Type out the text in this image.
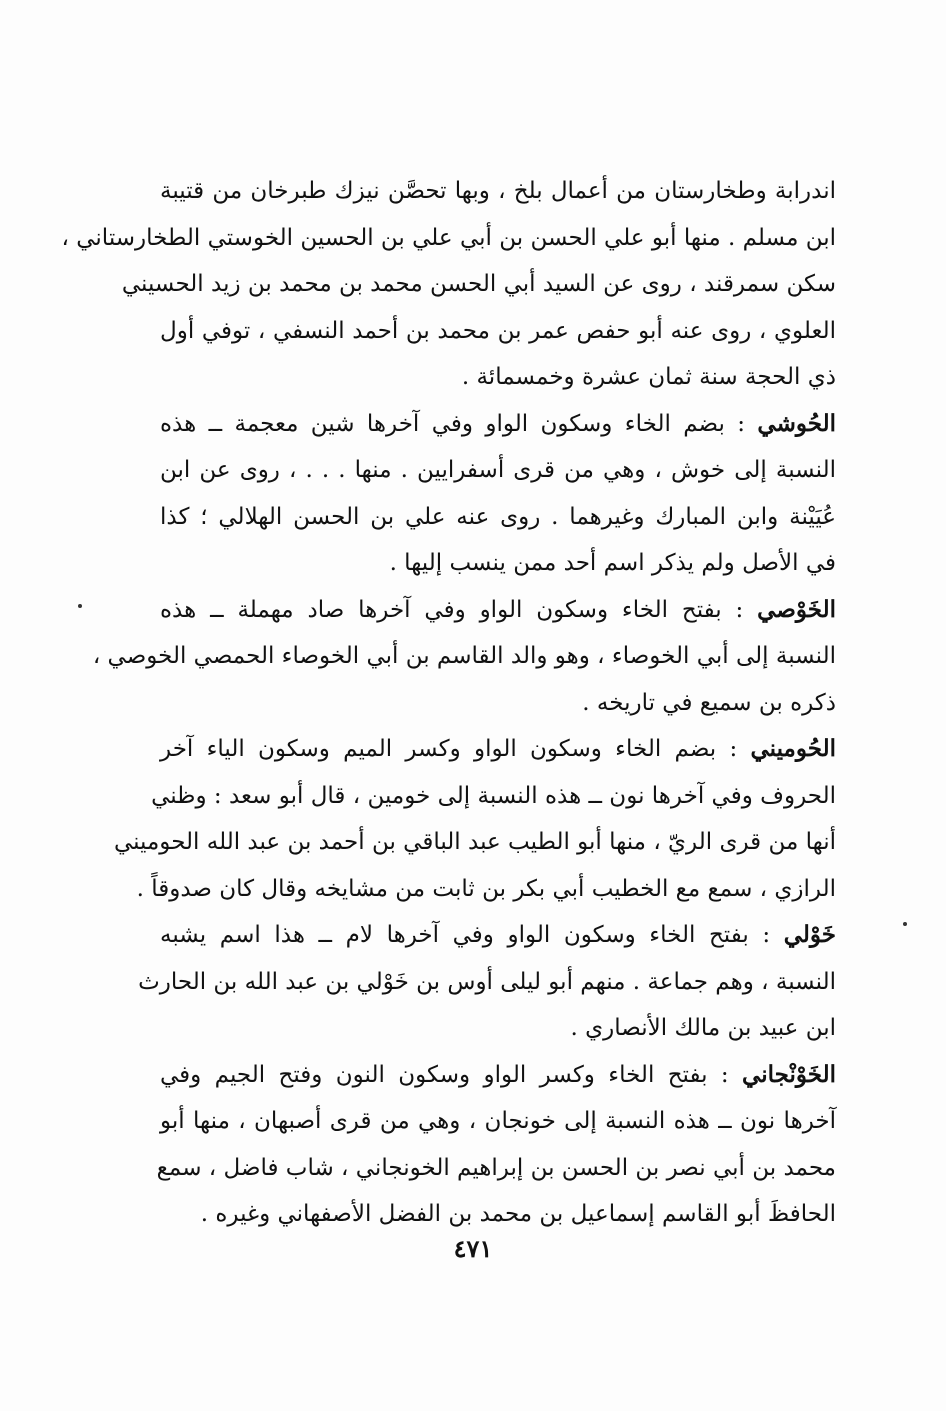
اندرابة وطخارستان من أعمال بلخ ، وبها تحصَّن نيزك طبرخان من قتيبة
ابن مسلم . منها أبو علي الحسن بن أبي علي بن الحسين الخوستي الطخارستاني ،
سكن سمرقند ، روى عن السيد أبي الحسن محمد بن محمد بن زيد الحسيني
العلوي ، روى عنه أبو حفص عمر بن محمد بن أحمد النسفي ، توفي أول
ذي الحجة سنة ثمان عشرة وخمسمائة .
الحُوشي : بضم الخاء وسكون الواو وفي آخرها شين معجمة ــ هذه
النسبة إلى خوش ، وهي من قرى أسفرايين . منها . . . ، روى عن ابن
عُيَيْنة وابن المبارك وغيرهما . روى عنه علي بن الحسن الهلالي ؛ كذا
في الأصل ولم يذكر اسم أحد ممن ينسب إليها .
الخَوْصي : بفتح الخاء وسكون الواو وفي آخرها صاد مهملة ــ هذه
النسبة إلى أبي الخوصاء ، وهو والد القاسم بن أبي الخوصاء الحمصي الخوصي ،
ذكره بن سميع في تاريخه .
الحُوميني : بضم الخاء وسكون الواو وكسر الميم وسكون الياء آخر
الحروف وفي آخرها نون ــ هذه النسبة إلى خومين ، قال أبو سعد : وظني
أنها من قرى الريّ ، منها أبو الطيب عبد الباقي بن أحمد بن عبد الله الحوميني
الرازي ، سمع مع الخطيب أبي بكر بن ثابت من مشايخه وقال كان صدوقاً .
خَوْلي : بفتح الخاء وسكون الواو وفي آخرها لام ــ هذا اسم يشبه
النسبة ، وهم جماعة . منهم أبو ليلى أوس بن خَوْلي بن عبد الله بن الحارث
ابن عبيد بن مالك الأنصاري .
الخَوْنْجاني : بفتح الخاء وكسر الواو وسكون النون وفتح الجيم وفي
آخرها نون ــ هذه النسبة إلى خونجان ، وهي من قرى أصبهان ، منها أبو
محمد بن أبي نصر بن الحسن بن إبراهيم الخونجاني ، شاب فاضل ، سمع
الحافظَ أبو القاسم إسماعيل بن محمد بن الفضل الأصفهاني وغيره .
٤٧١
